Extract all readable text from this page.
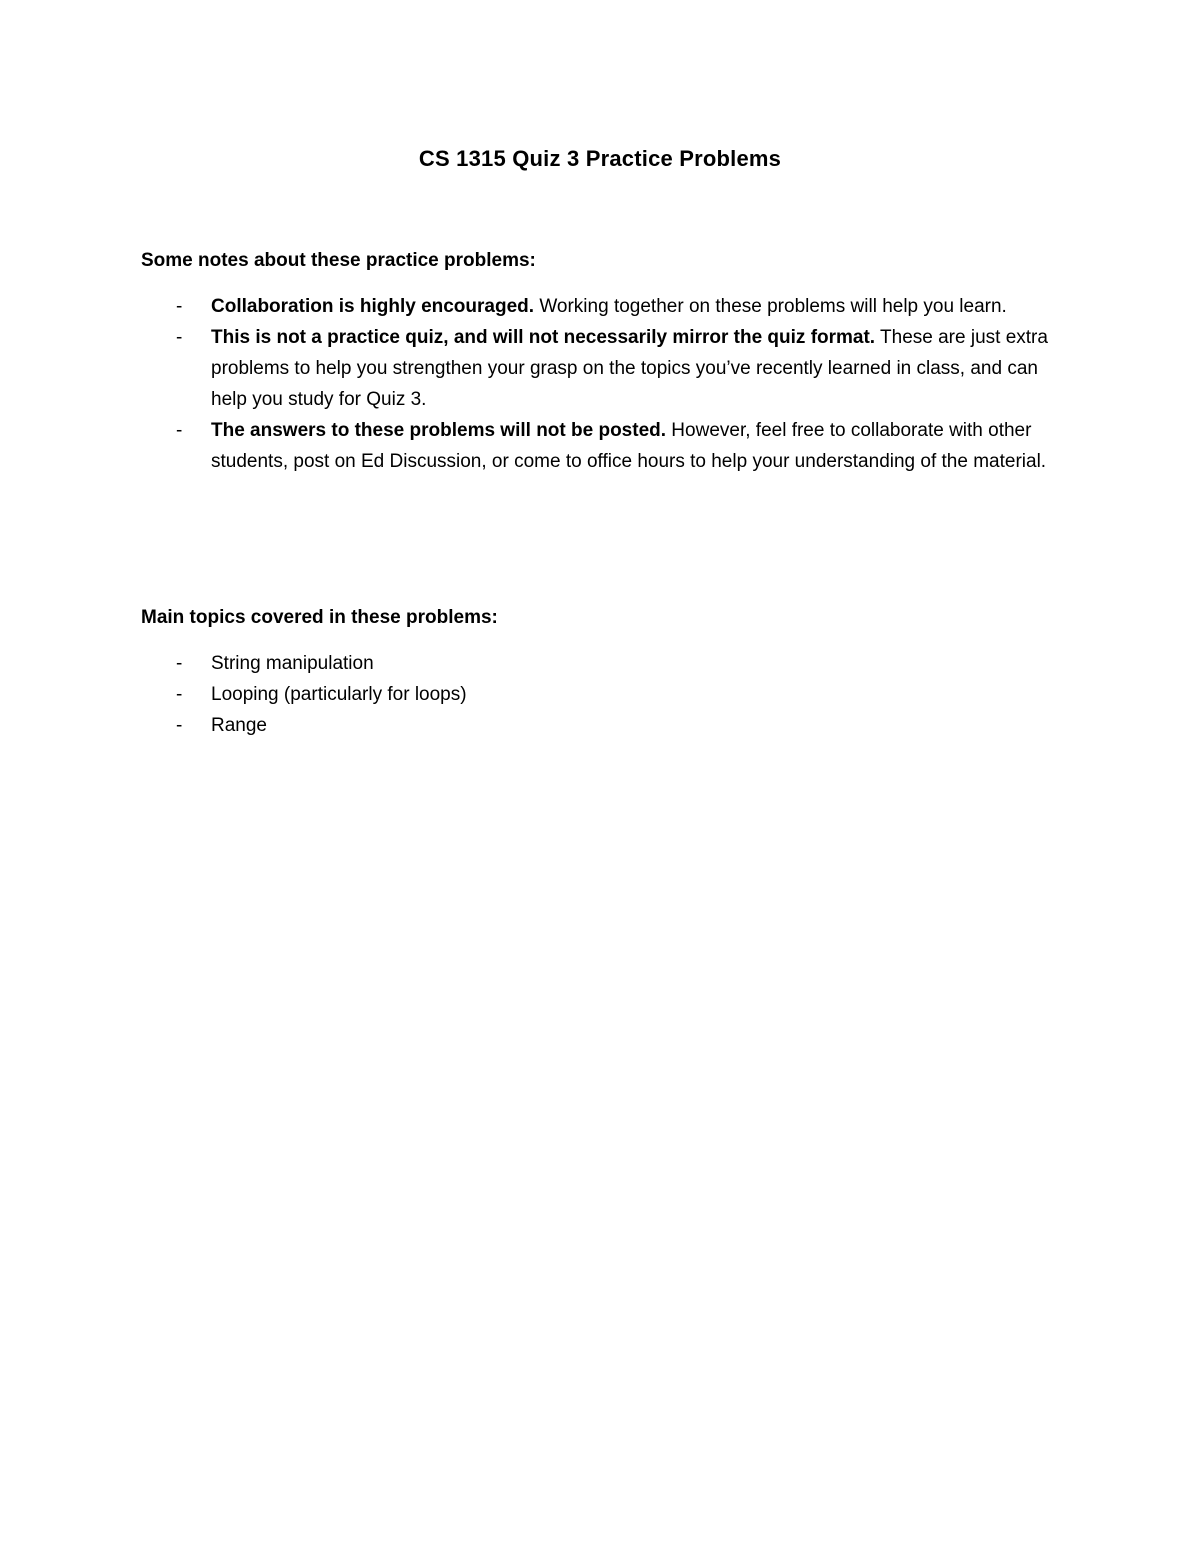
CS 1315 Quiz 3 Practice Problems
Some notes about these practice problems:
- Collaboration is highly encouraged. Working together on these problems will help you learn.
- This is not a practice quiz, and will not necessarily mirror the quiz format. These are just extra problems to help you strengthen your grasp on the topics you’ve recently learned in class, and can help you study for Quiz 3.
- The answers to these problems will not be posted. However, feel free to collaborate with other students, post on Ed Discussion, or come to office hours to help your understanding of the material.
Main topics covered in these problems:
- String manipulation
- Looping (particularly for loops)
- Range
